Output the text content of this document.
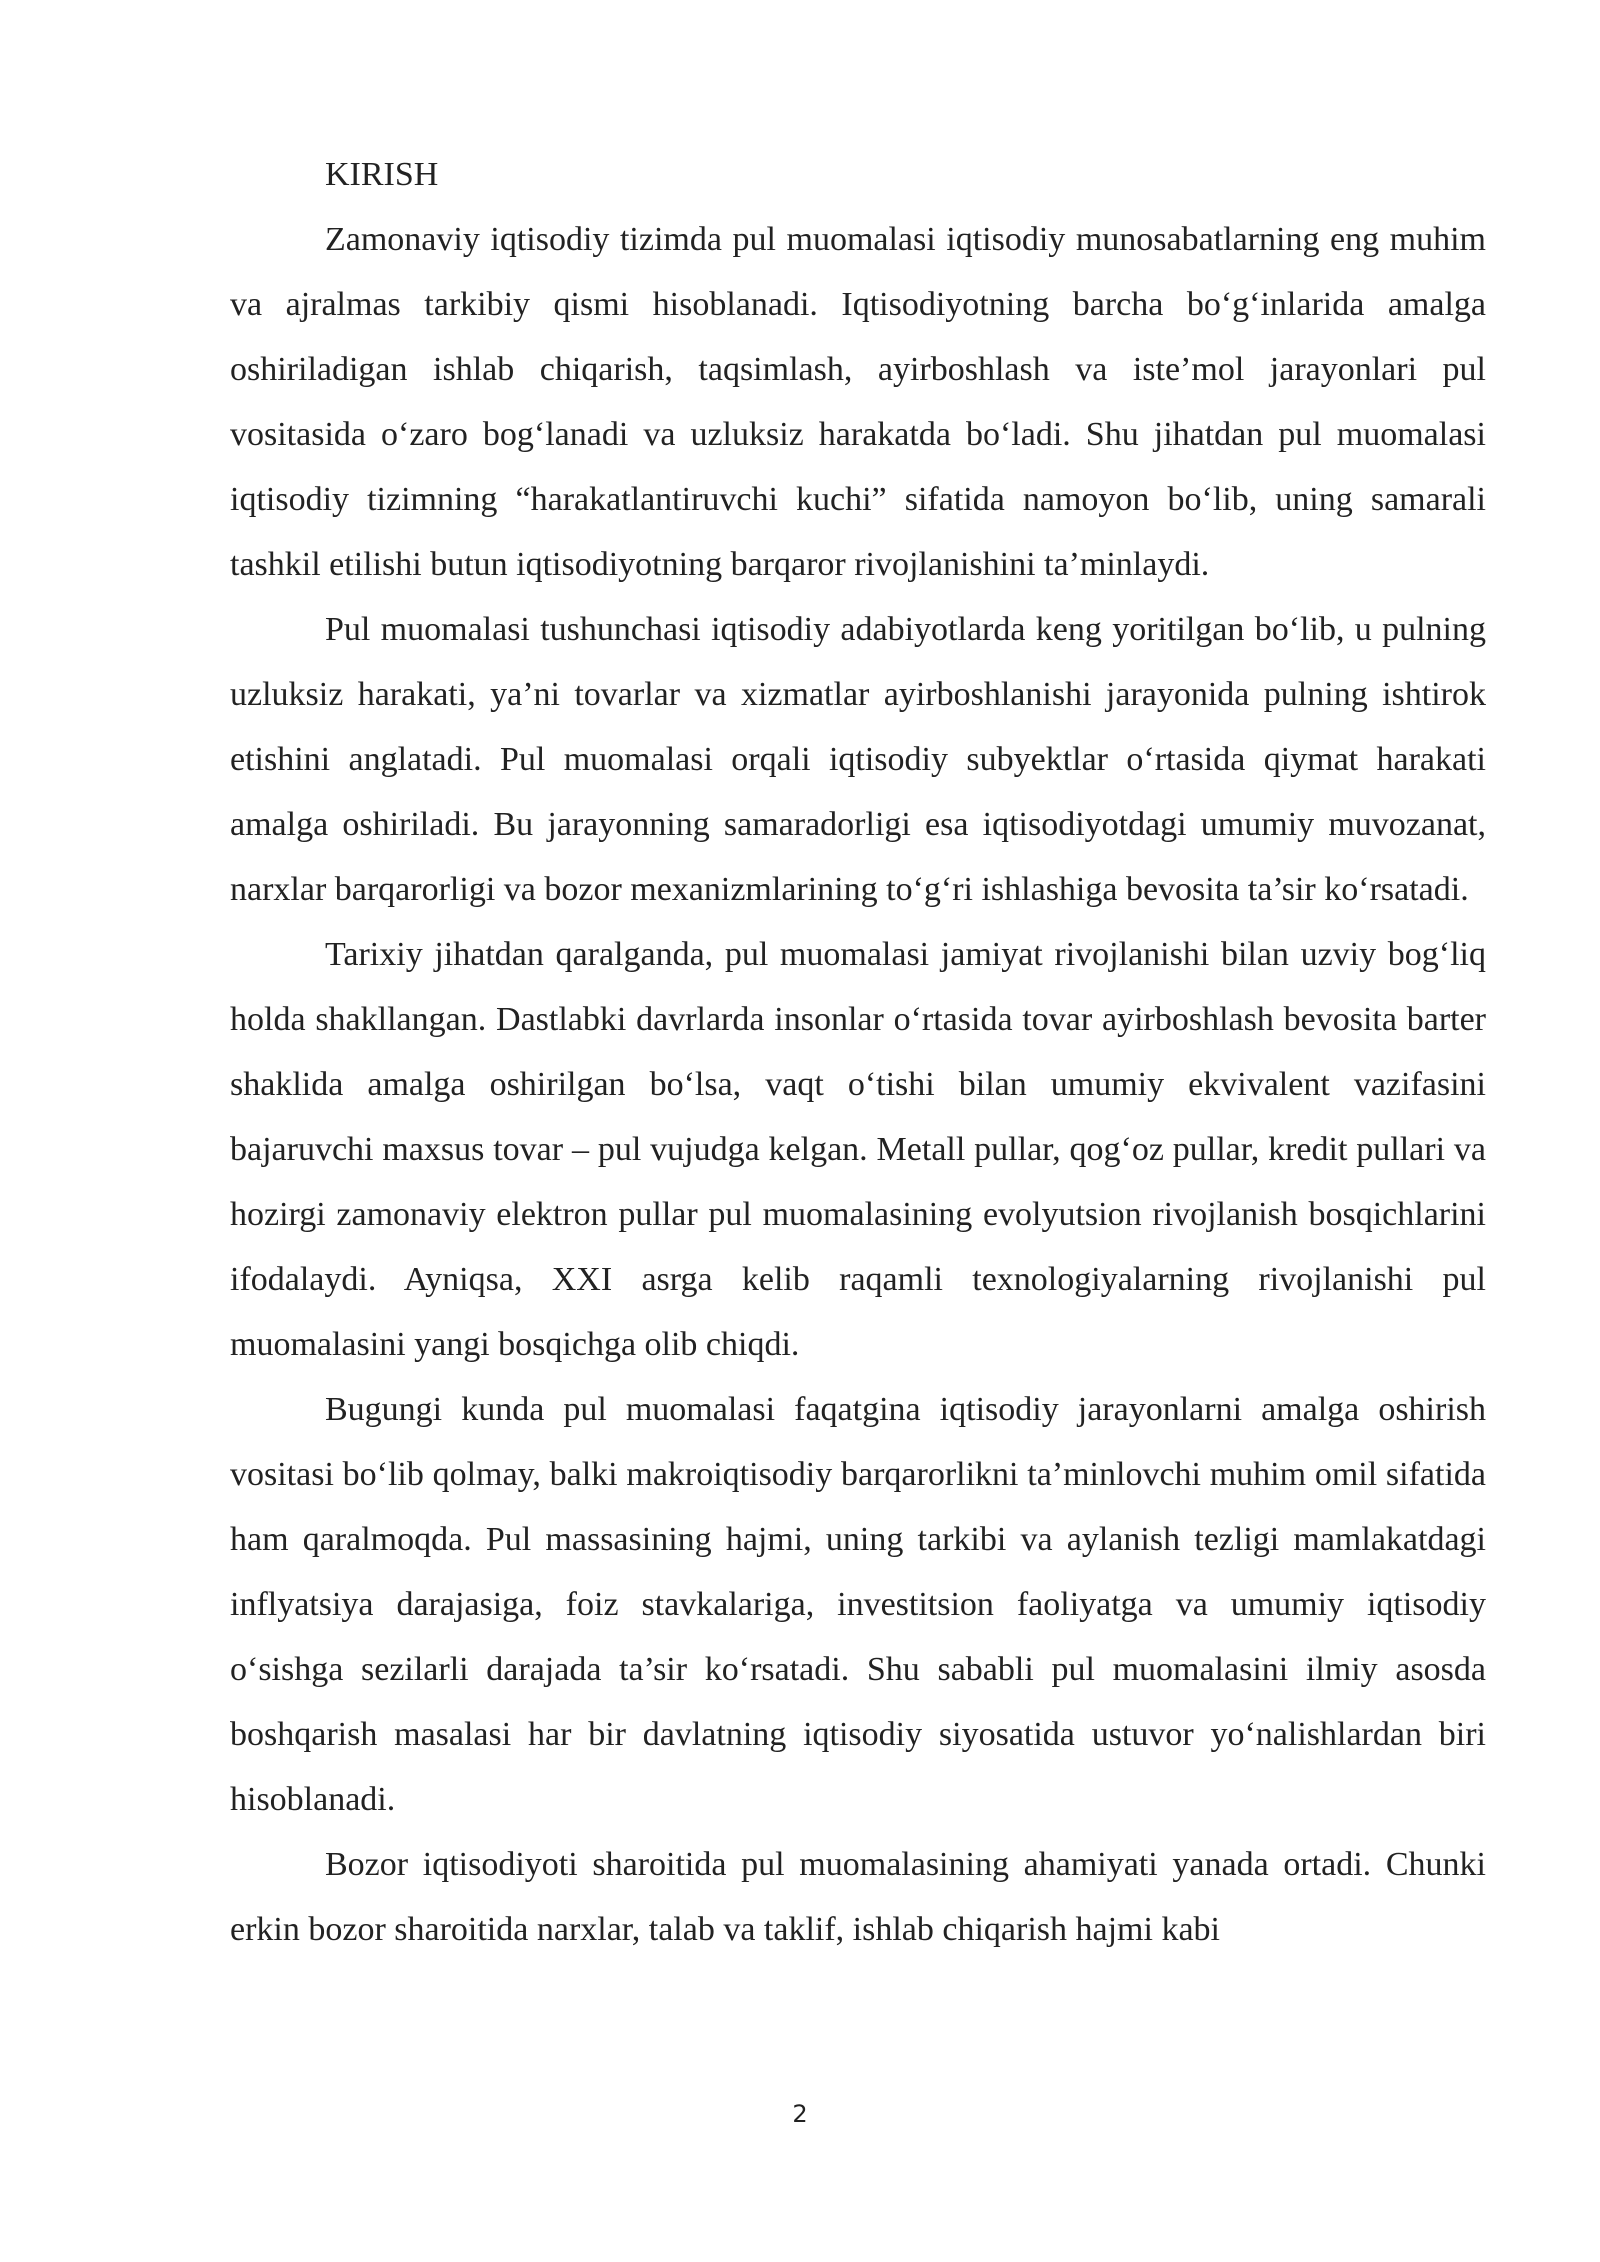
KIRISH

Zamonaviy iqtisodiy tizimda pul muomalasi iqtisodiy munosabatlarning eng muhim va ajralmas tarkibiy qismi hisoblanadi. Iqtisodiyotning barcha bo‘g‘inlarida amalga oshiriladigan ishlab chiqarish, taqsimlash, ayirboshlash va iste’mol jarayonlari pul vositasida o‘zaro bog‘lanadi va uzluksiz harakatda bo‘ladi. Shu jihatdan pul muomalasi iqtisodiy tizimning “harakatlantiruvchi kuchi” sifatida namoyon bo‘lib, uning samarali tashkil etilishi butun iqtisodiyotning barqaror rivojlanishini ta’minlaydi.

Pul muomalasi tushunchasi iqtisodiy adabiyotlarda keng yoritilgan bo‘lib, u pulning uzluksiz harakati, ya’ni tovarlar va xizmatlar ayirboshlanishi jarayonida pulning ishtirok etishini anglatadi. Pul muomalasi orqali iqtisodiy subyektlar o‘rtasida qiymat harakati amalga oshiriladi. Bu jarayonning samaradorligi esa iqtisodiyotdagi umumiy muvozanat, narxlar barqarorligi va bozor mexanizmlarining to‘g‘ri ishlashiga bevosita ta’sir ko‘rsatadi.

Tarixiy jihatdan qaralganda, pul muomalasi jamiyat rivojlanishi bilan uzviy bog‘liq holda shakllangan. Dastlabki davrlarda insonlar o‘rtasida tovar ayirboshlash bevosita barter shaklida amalga oshirilgan bo‘lsa, vaqt o‘tishi bilan umumiy ekvivalent vazifasini bajaruvchi maxsus tovar – pul vujudga kelgan. Metall pullar, qog‘oz pullar, kredit pullari va hozirgi zamonaviy elektron pullar pul muomalasining evolyutsion rivojlanish bosqichlarini ifodalaydi. Ayniqsa, XXI asrga kelib raqamli texnologiyalarning rivojlanishi pul muomalasini yangi bosqichga olib chiqdi.

Bugungi kunda pul muomalasi faqatgina iqtisodiy jarayonlarni amalga oshirish vositasi bo‘lib qolmay, balki makroiqtisodiy barqarorlikni ta’minlovchi muhim omil sifatida ham qaralmoqda. Pul massasining hajmi, uning tarkibi va aylanish tezligi mamlakatdagi inflyatsiya darajasiga, foiz stavkalariga, investitsion faoliyatga va umumiy iqtisodiy o‘sishga sezilarli darajada ta’sir ko‘rsatadi. Shu sababli pul muomalasini ilmiy asosda boshqarish masalasi har bir davlatning iqtisodiy siyosatida ustuvor yo‘nalishlardan biri hisoblanadi.

Bozor iqtisodiyoti sharoitida pul muomalasining ahamiyati yanada ortadi. Chunki erkin bozor sharoitida narxlar, talab va taklif, ishlab chiqarish hajmi kabi

2
